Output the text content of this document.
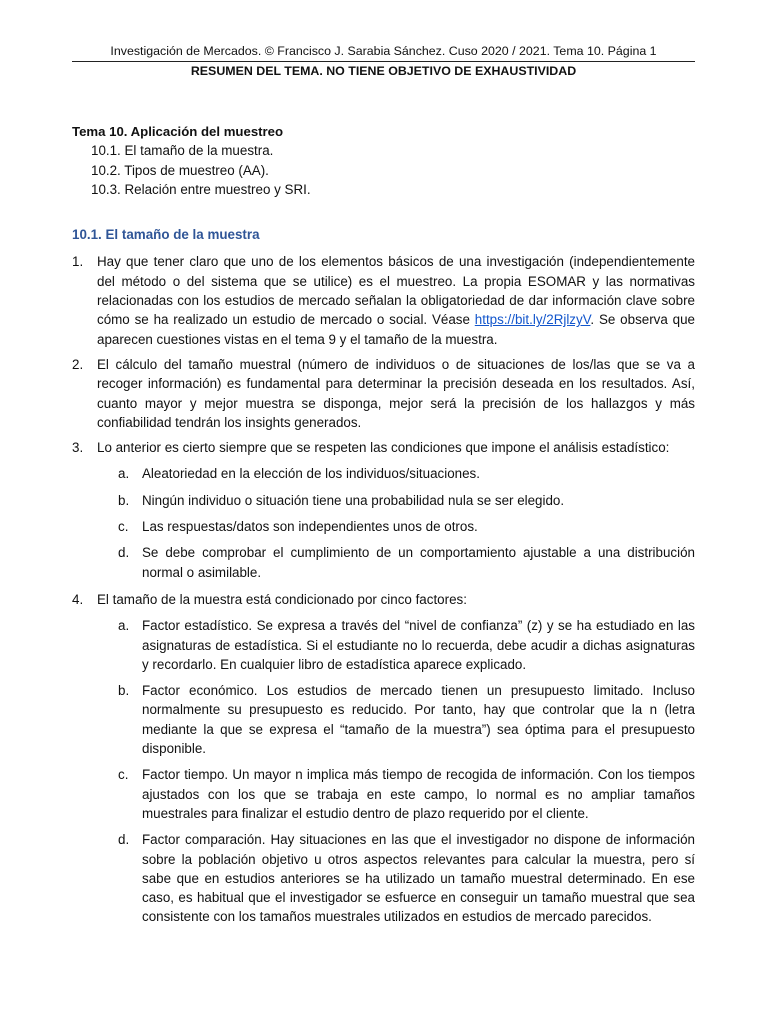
Investigación de Mercados. © Francisco J. Sarabia Sánchez. Cuso 2020 / 2021. Tema 10. Página 1
RESUMEN DEL TEMA. NO TIENE OBJETIVO DE EXHAUSTIVIDAD
Tema 10. Aplicación del muestreo
10.1. El tamaño de la muestra.
10.2. Tipos de muestreo (AA).
10.3. Relación entre muestreo y SRI.
10.1. El tamaño de la muestra
1. Hay que tener claro que uno de los elementos básicos de una investigación (independientemente del método o del sistema que se utilice) es el muestreo. La propia ESOMAR y las normativas relacionadas con los estudios de mercado señalan la obligatoriedad de dar información clave sobre cómo se ha realizado un estudio de mercado o social. Véase https://bit.ly/2RjlzyV. Se observa que aparecen cuestiones vistas en el tema 9 y el tamaño de la muestra.
2. El cálculo del tamaño muestral (número de individuos o de situaciones de los/las que se va a recoger información) es fundamental para determinar la precisión deseada en los resultados. Así, cuanto mayor y mejor muestra se disponga, mejor será la precisión de los hallazgos y más confiabilidad tendrán los insights generados.
3. Lo anterior es cierto siempre que se respeten las condiciones que impone el análisis estadístico:
a. Aleatoriedad en la elección de los individuos/situaciones.
b. Ningún individuo o situación tiene una probabilidad nula se ser elegido.
c. Las respuestas/datos son independientes unos de otros.
d. Se debe comprobar el cumplimiento de un comportamiento ajustable a una distribución normal o asimilable.
4. El tamaño de la muestra está condicionado por cinco factores:
a. Factor estadístico. Se expresa a través del “nivel de confianza” (z) y se ha estudiado en las asignaturas de estadística. Si el estudiante no lo recuerda, debe acudir a dichas asignaturas y recordarlo. En cualquier libro de estadística aparece explicado.
b. Factor económico. Los estudios de mercado tienen un presupuesto limitado. Incluso normalmente su presupuesto es reducido. Por tanto, hay que controlar que la n (letra mediante la que se expresa el “tamaño de la muestra”) sea óptima para el presupuesto disponible.
c. Factor tiempo. Un mayor n implica más tiempo de recogida de información. Con los tiempos ajustados con los que se trabaja en este campo, lo normal es no ampliar tamaños muestrales para finalizar el estudio dentro de plazo requerido por el cliente.
d. Factor comparación. Hay situaciones en las que el investigador no dispone de información sobre la población objetivo u otros aspectos relevantes para calcular la muestra, pero sí sabe que en estudios anteriores se ha utilizado un tamaño muestral determinado. En ese caso, es habitual que el investigador se esfuerce en conseguir un tamaño muestral que sea consistente con los tamaños muestrales utilizados en estudios de mercado parecidos.
